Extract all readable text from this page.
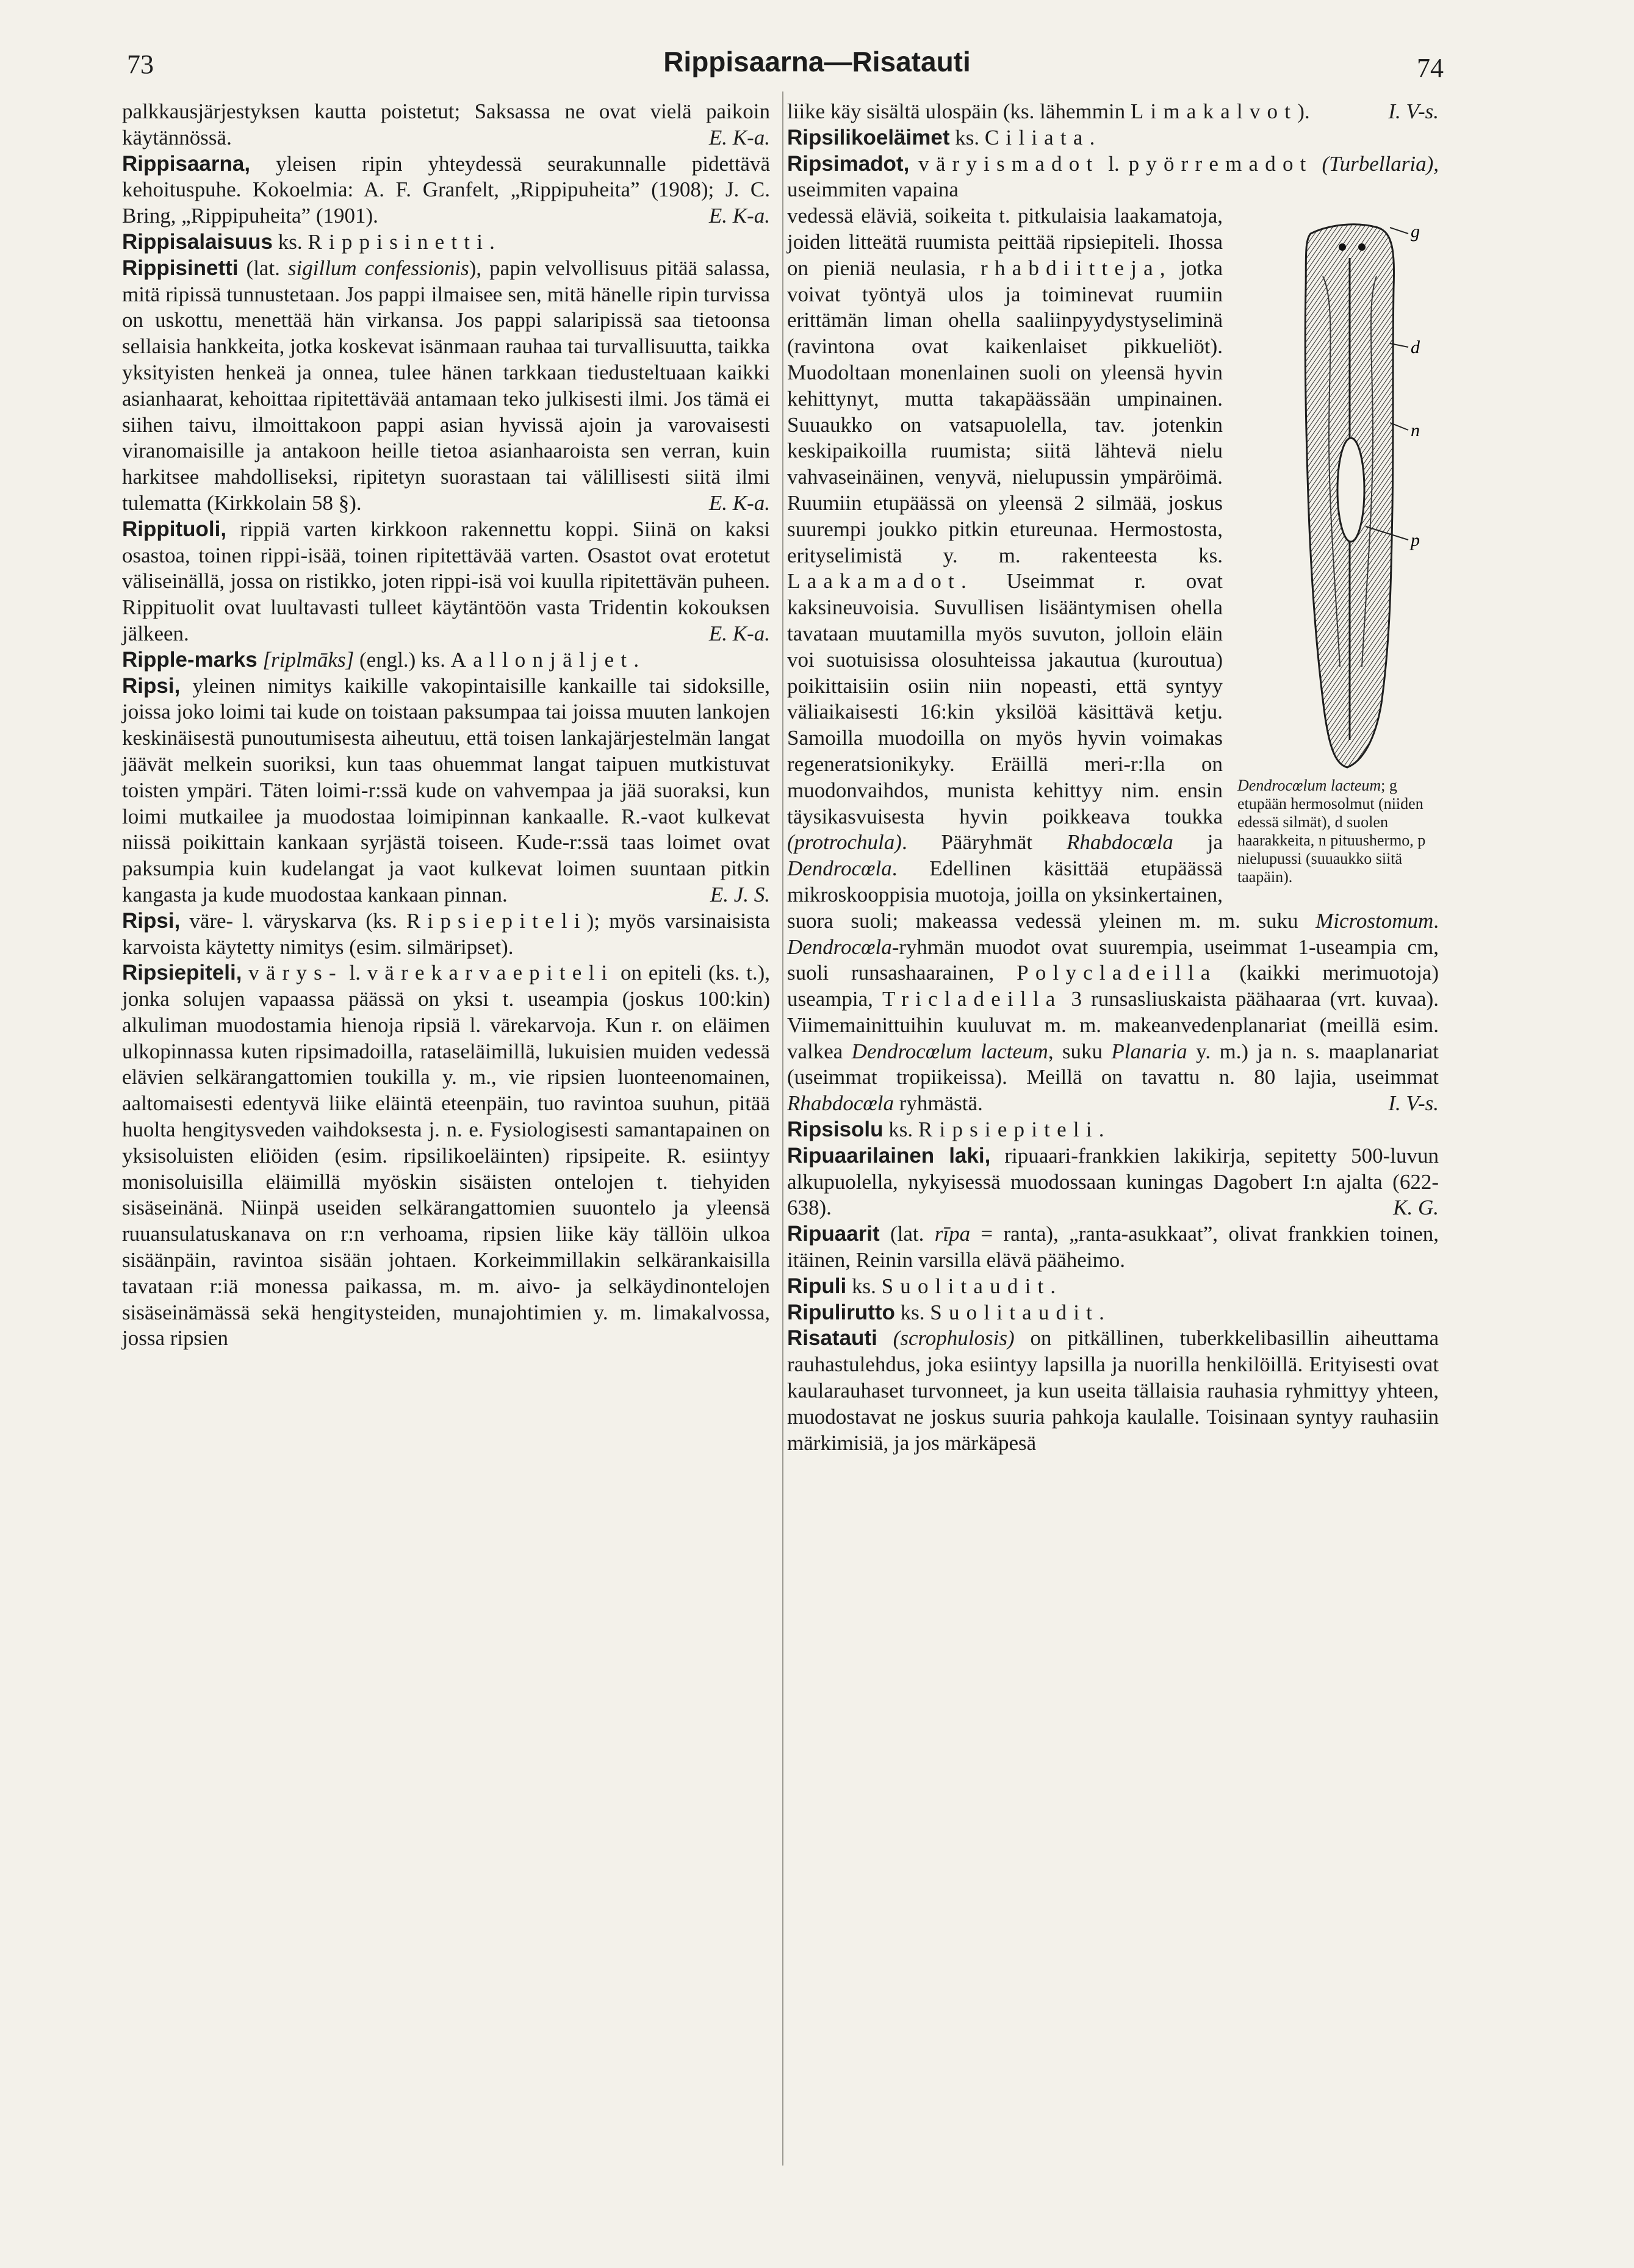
73	Rippisaarna—Risatauti	74

palkkausjärjestyksen kautta poistetut; Saksassa ne ovat vielä paikoin käytännössä.	E. K-a.

Rippisaarna, yleisen ripin yhteydessä seurakunnalle pidettävä kehoituspuhe. Kokoelmia: A. F. Granfelt, „Rippipuheita” (1908); J. C. Bring, „Rippipuheita” (1901).	E. K-a.

Rippisalaisuus ks. Rippisinetti.

Rippisinetti (lat. sigillum confessionis), papin velvollisuus pitää salassa, mitä ripissä tunnustetaan. Jos pappi ilmaisee sen, mitä hänelle ripin turvissa on uskottu, menettää hän virkansa. Jos pappi salaripissä saa tietoonsa sellaisia hankkeita, jotka koskevat isänmaan rauhaa tai turvallisuutta, taikka yksityisten henkeä ja onnea, tulee hänen tarkkaan tiedusteltuaan kaikki asianhaarat, kehoittaa ripitettävää antamaan teko julkisesti ilmi. Jos tämä ei siihen taivu, ilmoittakoon pappi asian hyvissä ajoin ja varovaisesti viranomaisille ja antakoon heille tietoa asianhaaroista sen verran, kuin harkitsee mahdolliseksi, ripitetyn suorastaan tai välillisesti siitä ilmi tulematta (Kirkkolain 58 §).	E. K-a.

Rippituoli, rippiä varten kirkkoon rakennettu koppi. Siinä on kaksi osastoa, toinen rippi-isää, toinen ripitettävää varten. Osastot ovat erotetut väliseinällä, jossa on ristikko, joten rippi-isä voi kuulla ripitettävän puheen. Rippituolit ovat luultavasti tulleet käytäntöön vasta Tridentin kokouksen jälkeen.	E. K-a.

Ripple-marks [riplmāks] (engl.) ks. Aallonjäljet.

Ripsi, yleinen nimitys kaikille vakopintaisille kankaille tai sidoksille, joissa joko loimi tai kude on toistaan paksumpaa tai joissa muuten lankojen keskinäisestä punoutumisesta aiheutuu, että toisen lankajärjestelmän langat jäävät melkein suoriksi, kun taas ohuemmat langat taipuen mutkistuvat toisten ympäri. Täten loimi-r:ssä kude on vahvempaa ja jää suoraksi, kun loimi mutkailee ja muodostaa loimipinnan kankaalle. R.-vaot kulkevat niissä poikittain kankaan syrjästä toiseen. Kude-r:ssä taas loimet ovat paksumpia kuin kudelangat ja vaot kulkevat loimen suuntaan pitkin kangasta ja kude muodostaa kankaan pinnan.	E. J. S.

Ripsi, väre- l. väryskarva (ks. Ripsiepiteli); myös varsinaisista karvoista käytetty nimitys (esim. silmäripset).

Ripsiepiteli, värys- l. värekarvaepiteli on epiteli (ks. t.), jonka solujen vapaassa päässä on yksi t. useampia (joskus 100:kin) alkuliman muodostamia hienoja ripsiä l. värekarvoja. Kun r. on eläimen ulkopinnassa kuten ripsimadoilla, rataseläimillä, lukuisien muiden vedessä elävien selkärangattomien toukilla y. m., vie ripsien luonteenomainen, aaltomaisesti edentyvä liike eläintä eteenpäin, tuo ravintoa suuhun, pitää huolta hengitysveden vaihdoksesta j. n. e. Fysiologisesti samantapainen on yksisoluisten eliöiden (esim. ripsilikoeläinten) ripsipeite. R. esiintyy monisoluisilla eläimillä myöskin sisäisten ontelojen t. tiehyiden sisäseinänä. Niinpä useiden selkärangattomien suuontelo ja yleensä ruuansulatuskanava on r:n verhoama, ripsien liike käy tällöin ulkoa sisäänpäin, ravintoa sisään johtaen. Korkeimmillakin selkärankaisilla tavataan r:iä monessa paikassa, m. m. aivo- ja selkäydinontelojen sisäseinämässä sekä hengitysteiden, munajohtimien y. m. limakalvossa, jossa ripsien

liike käy sisältä ulospäin (ks. lähemmin Limakalvot).	I. V-s.

Ripsilikoeläimet ks. Ciliata.

Ripsimadot, väryismadot l. pyörremadot (Turbellaria), useimmiten vapaina

g
d
n
p
Dendrocœlum lacteum; g etupään hermosolmut (niiden edessä silmät), d suolen haarakkeita, n pituushermo, p nielupussi (suuaukko siitä taapäin).
vedessä eläviä, soikeita t. pitkulaisia laakamatoja, joiden litteätä ruumista peittää ripsiepiteli. Ihossa on pieniä neulasia, rhabdiitteja, jotka voivat työntyä ulos ja toiminevat ruumiin erittämän liman ohella saaliinpyydystyseliminä (ravintona ovat kaikenlaiset pikkueliöt). Muodoltaan monenlainen suoli on yleensä hyvin kehittynyt, mutta takapäässään umpinainen. Suuaukko on vatsapuolella, tav. jotenkin keskipaikoilla ruumista; siitä lähtevä nielu vahvaseinäinen, venyvä, nielupussin ympäröimä. Ruumiin etupäässä on yleensä 2 silmää, joskus suurempi joukko pitkin etureunaa. Hermostosta, erityselimistä y. m. rakenteesta ks. Laakamadot. Useimmat r. ovat kaksineuvoisia. Suvullisen lisääntymisen ohella tavataan muutamilla myös suvuton, jolloin eläin voi suotuisissa olosuhteissa jakautua (kuroutua) poikittaisiin osiin niin nopeasti, että syntyy väliaikaisesti 16:kin yksilöä käsittävä ketju. Samoilla muodoilla on myös hyvin voimakas regeneratsionikyky. Eräillä meri-r:lla on muodonvaihdos, munista kehittyy nim. ensin täysikasvuisesta hyvin poikkeava toukka (protrochula). Pääryhmät Rhabdocœla ja Dendrocœla. Edellinen käsittää etupäässä mikroskooppisia muotoja, joilla on yksinkertainen, suora suoli; makeassa vedessä yleinen m. m. suku Microstomum. Dendrocœla-ryhmän muodot ovat suurempia, useimmat 1-useampia cm, suoli runsashaarainen, Polycladeilla (kaikki merimuotoja) useampia, Tricladeilla 3 runsasliuskaista päähaaraa (vrt. kuvaa). Viimemainittuihin kuuluvat m. m. makeanvedenplanariat (meillä esim. valkea Dendrocœlum lacteum, suku Planaria y. m.) ja n. s. maaplanariat (useimmat tropiikeissa). Meillä on tavattu n. 80 lajia, useimmat Rhabdocœla ryhmästä.	I. V-s.

Ripsisolu ks. Ripsiepiteli.

Ripuaarilainen laki, ripuaari-frankkien lakikirja, sepitetty 500-luvun alkupuolella, nykyisessä muodossaan kuningas Dagobert I:n ajalta (622-638).	K. G.

Ripuaarit (lat. rīpa = ranta), „ranta-asukkaat”, olivat frankkien toinen, itäinen, Reinin varsilla elävä pääheimo.

Ripuli ks. Suolitaudit.

Ripulirutto ks. Suolitaudit.

Risatauti (scrophulosis) on pitkällinen, tuberkkelibasillin aiheuttama rauhastulehdus, joka esiintyy lapsilla ja nuorilla henkilöillä. Erityisesti ovat kaularauhaset turvonneet, ja kun useita tällaisia rauhasia ryhmittyy yhteen, muodostavat ne joskus suuria pahkoja kaulalle. Toisinaan syntyy rauhasiin märkimisiä, ja jos märkäpesä
